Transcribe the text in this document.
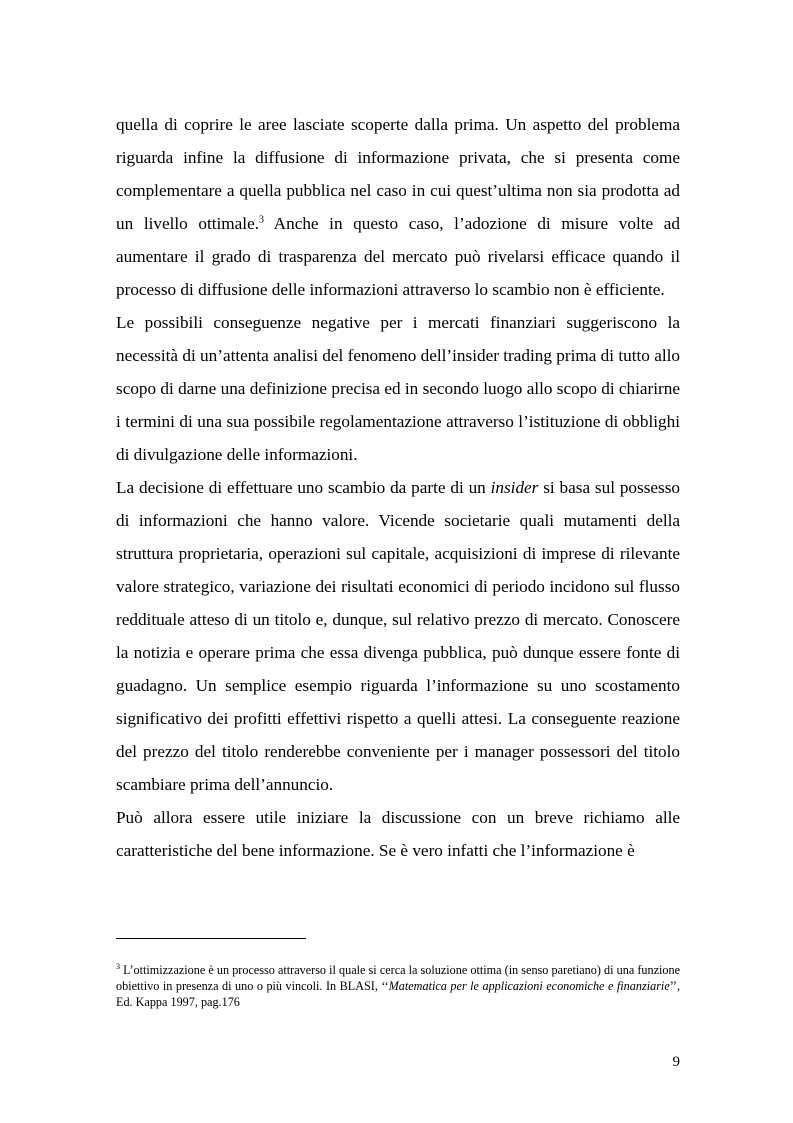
quella di coprire le aree lasciate scoperte dalla prima. Un aspetto del problema riguarda infine la diffusione di informazione privata, che si presenta come complementare a quella pubblica nel caso in cui quest’ultima non sia prodotta ad un livello ottimale.$^3$ Anche in questo caso, l’adozione di misure volte ad aumentare il grado di trasparenza del mercato può rivelarsi efficace quando il processo di diffusione delle informazioni attraverso lo scambio non è efficiente.

Le possibili conseguenze negative per i mercati finanziari suggeriscono la necessità di un’attenta analisi del fenomeno dell’insider trading prima di tutto allo scopo di darne una definizione precisa ed in secondo luogo allo scopo di chiarirne i termini di una sua possibile regolamentazione attraverso l’istituzione di obblighi di divulgazione delle informazioni.

La decisione di effettuare uno scambio da parte di un insider si basa sul possesso di informazioni che hanno valore. Vicende societarie quali mutamenti della struttura proprietaria, operazioni sul capitale, acquisizioni di imprese di rilevante valore strategico, variazione dei risultati economici di periodo incidono sul flusso reddituale atteso di un titolo e, dunque, sul relativo prezzo di mercato. Conoscere la notizia e operare prima che essa divenga pubblica, può dunque essere fonte di guadagno. Un semplice esempio riguarda l’informazione su uno scostamento significativo dei profitti effettivi rispetto a quelli attesi. La conseguente reazione del prezzo del titolo renderebbe conveniente per i manager possessori del titolo scambiare prima dell’annuncio.

Può allora essere utile iniziare la discussione con un breve richiamo alle caratteristiche del bene informazione. Se è vero infatti che l’informazione è

$^3$ L’ottimizzazione è un processo attraverso il quale si cerca la soluzione ottima (in senso paretiano) di una funzione obiettivo in presenza di uno o più vincoli. In BLASI, ‘‘Matematica per le applicazioni economiche e finanziarie’’, Ed. Kappa 1997, pag.176
9
